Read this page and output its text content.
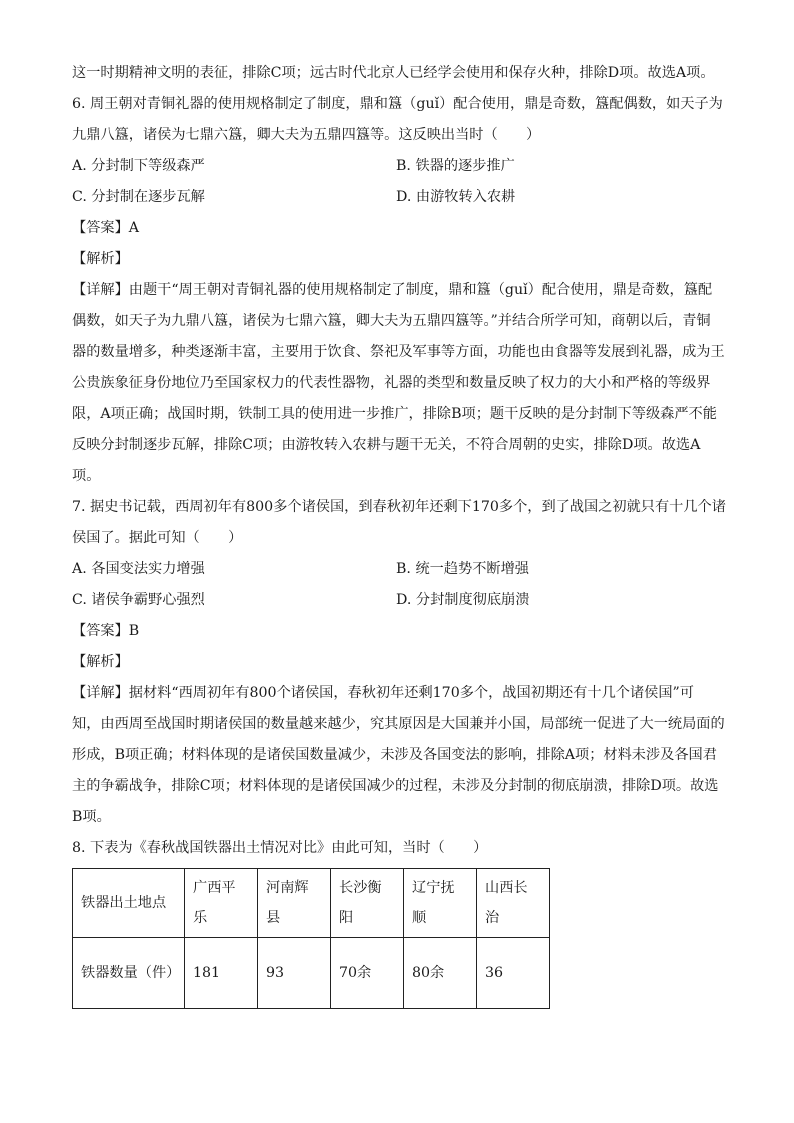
这一时期精神文明的表征，排除C项；远古时代北京人已经学会使用和保存火种，排除D项。故选A项。
6. 周王朝对青铜礼器的使用规格制定了制度，鼎和簋（guǐ）配合使用，鼎是奇数，簋配偶数，如天子为
九鼎八簋，诸侯为七鼎六簋，卿大夫为五鼎四簋等。这反映出当时（　　）
A. 分封制下等级森严	B. 铁器的逐步推广
C. 分封制在逐步瓦解	D. 由游牧转入农耕
【答案】A
【解析】
【详解】由题干“周王朝对青铜礼器的使用规格制定了制度，鼎和簋（guǐ）配合使用，鼎是奇数，簋配
偶数，如天子为九鼎八簋，诸侯为七鼎六簋，卿大夫为五鼎四簋等。”并结合所学可知，商朝以后，青铜
器的数量增多，种类逐渐丰富，主要用于饮食、祭祀及军事等方面，功能也由食器等发展到礼器，成为王
公贵族象征身份地位乃至国家权力的代表性器物，礼器的类型和数量反映了权力的大小和严格的等级界
限，A项正确；战国时期，铁制工具的使用进一步推广，排除B项；题干反映的是分封制下等级森严不能
反映分封制逐步瓦解，排除C项；由游牧转入农耕与题干无关，不符合周朝的史实，排除D项。故选A
项。
7. 据史书记载，西周初年有800多个诸侯国，到春秋初年还剩下170多个，到了战国之初就只有十几个诸
侯国了。据此可知（　　）
A. 各国变法实力增强	B. 统一趋势不断增强
C. 诸侯争霸野心强烈	D. 分封制度彻底崩溃
【答案】B
【解析】
【详解】据材料“西周初年有800个诸侯国，春秋初年还剩170多个，战国初期还有十几个诸侯国”可
知，由西周至战国时期诸侯国的数量越来越少，究其原因是大国兼并小国，局部统一促进了大一统局面的
形成，B项正确；材料体现的是诸侯国数量减少，未涉及各国变法的影响，排除A项；材料未涉及各国君
主的争霸战争，排除C项；材料体现的是诸侯国减少的过程，未涉及分封制的彻底崩溃，排除D项。故选
B项。
8. 下表为《春秋战国铁器出土情况对比》由此可知，当时（　　）
铁器出土地点	广西平乐	河南辉县	长沙衡阳	辽宁抚顺	山西长治
铁器数量（件）	181	93	70余	80余	36
